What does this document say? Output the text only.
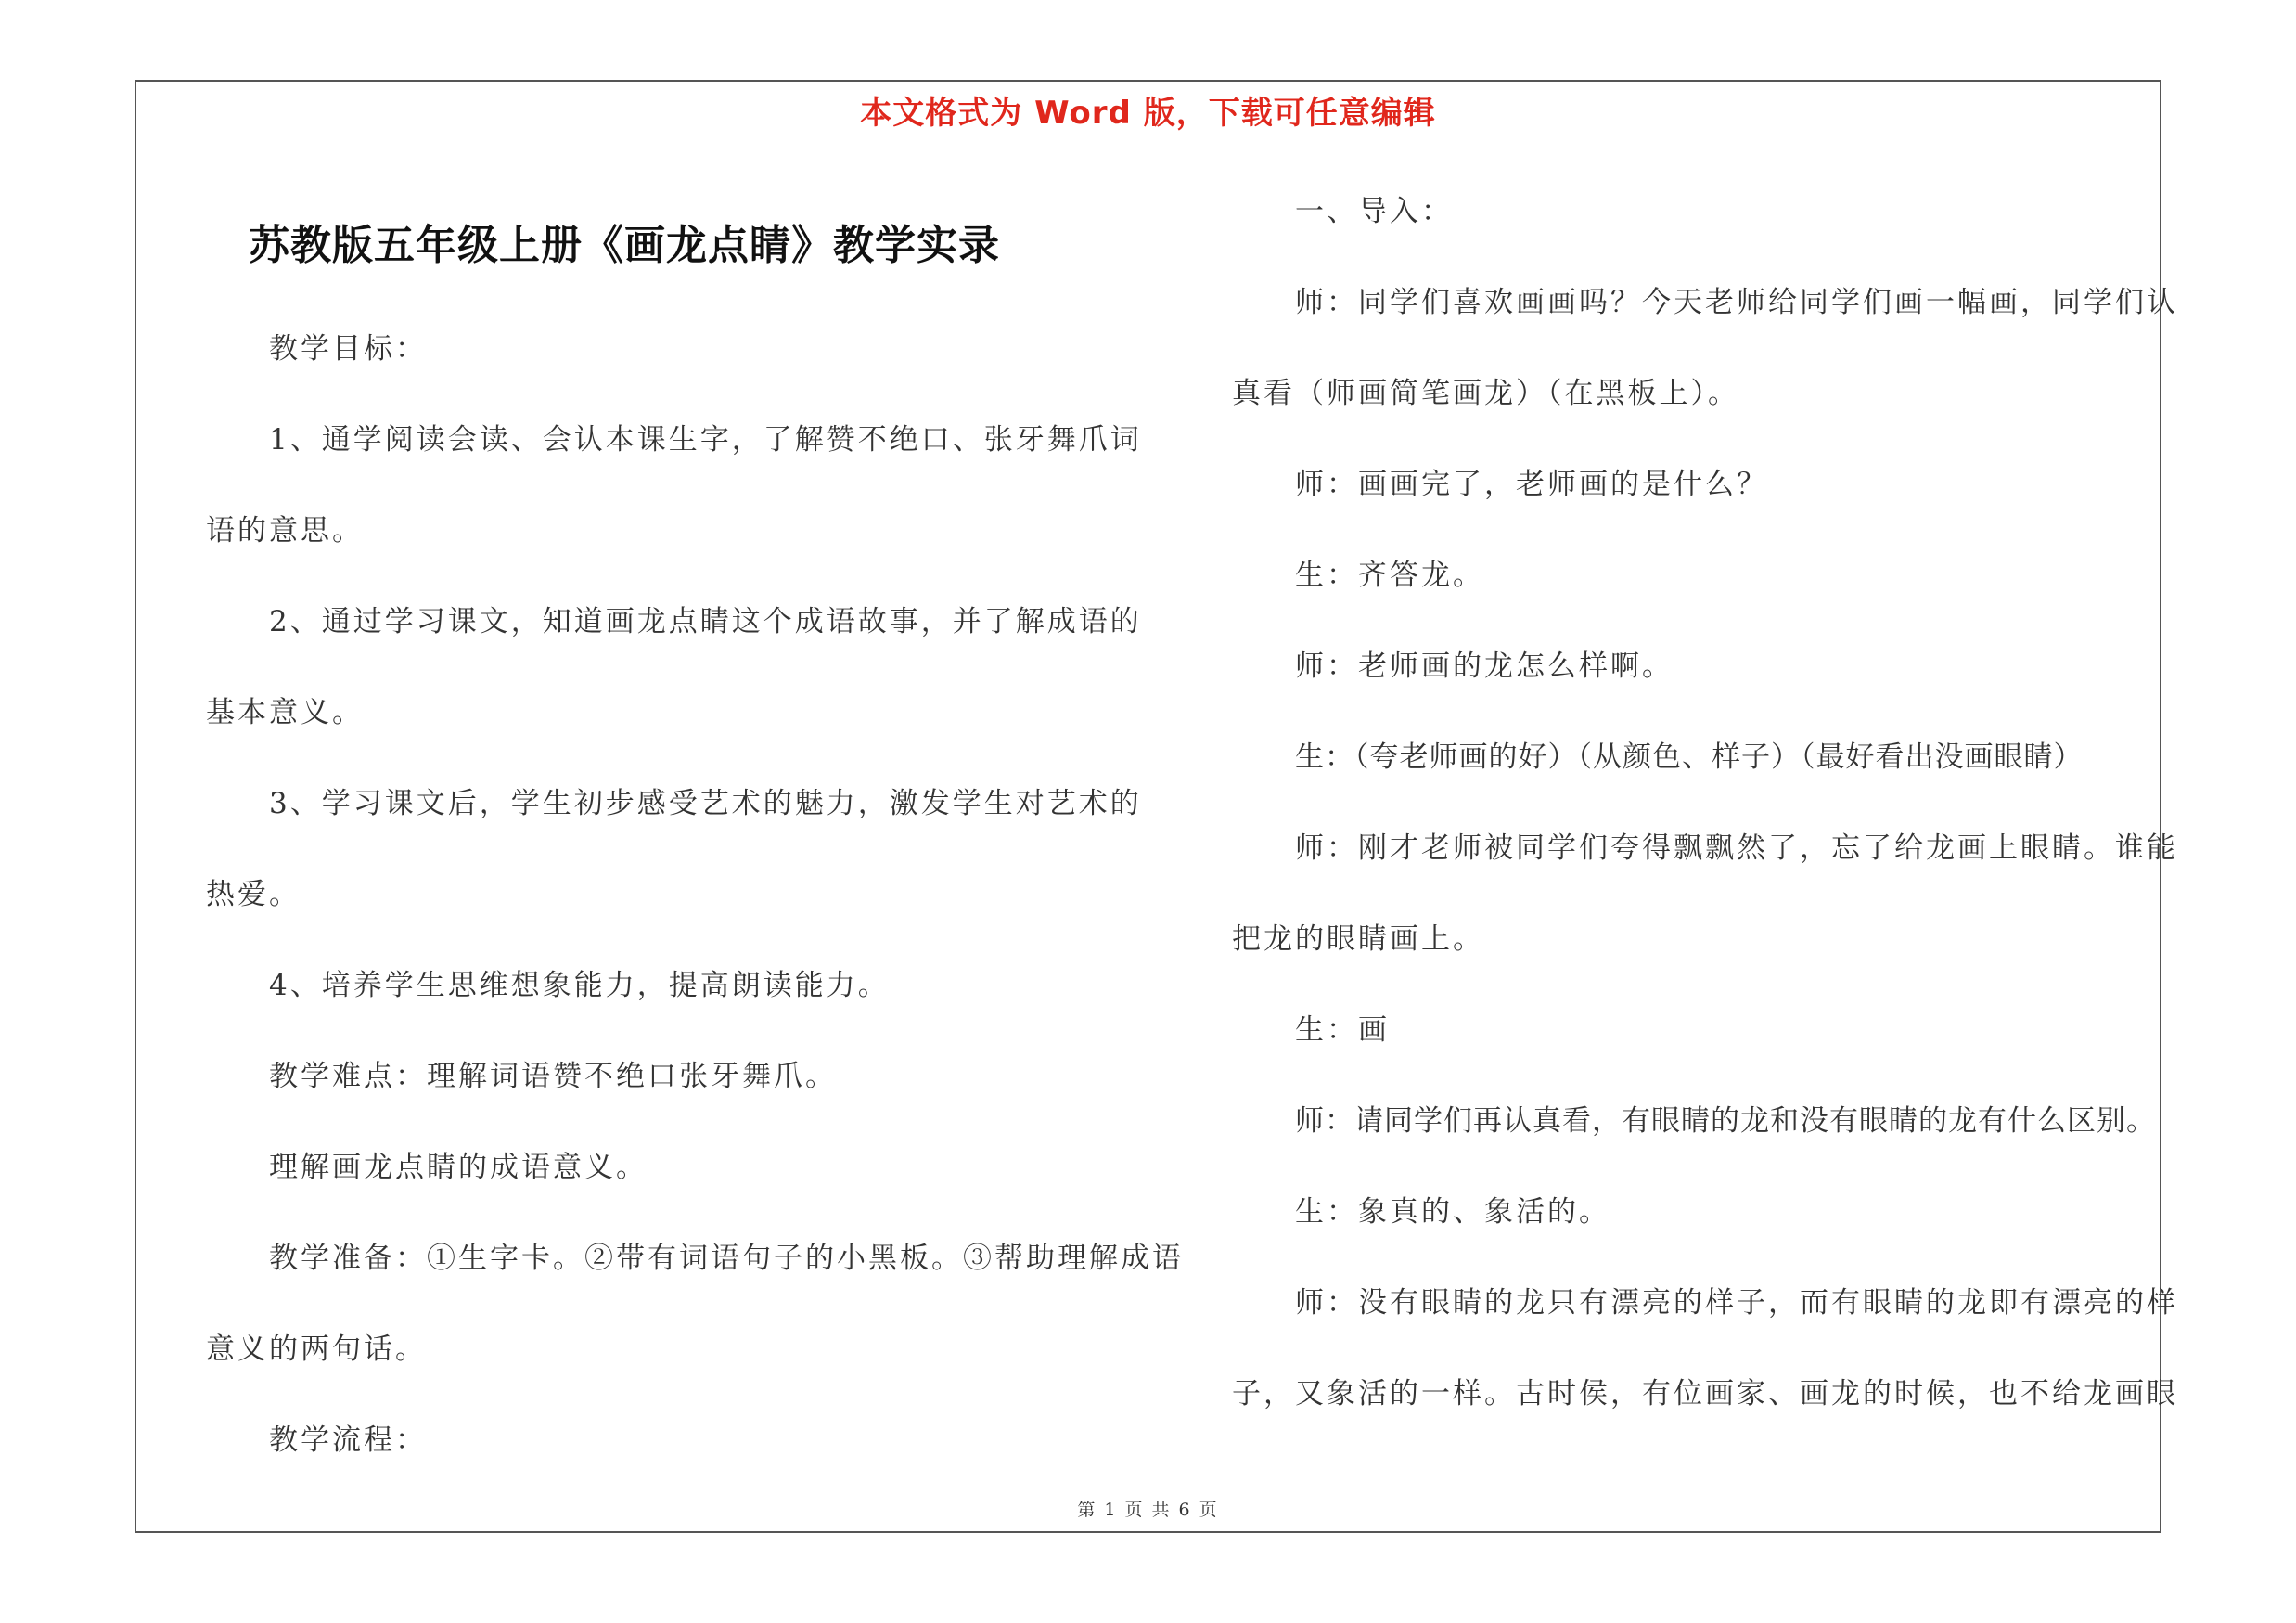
本文格式为 Word 版，下载可任意编辑
苏教版五年级上册《画龙点睛》教学实录
教学目标：
1、通学阅读会读、会认本课生字，了解赞不绝口、张牙舞爪词
语的意思。
2、通过学习课文，知道画龙点睛这个成语故事，并了解成语的
基本意义。
3、学习课文后，学生初步感受艺术的魅力，激发学生对艺术的
热爱。
4、培养学生思维想象能力，提高朗读能力。
教学难点：理解词语赞不绝口张牙舞爪。
理解画龙点睛的成语意义。
教学准备：①生字卡。②带有词语句子的小黑板。③帮助理解成语
意义的两句话。
教学流程：
一、导入：
师：同学们喜欢画画吗？今天老师给同学们画一幅画，同学们认
真看（师画简笔画龙）（在黑板上）。
师：画画完了，老师画的是什么？
生：齐答龙。
师：老师画的龙怎么样啊。
生：（夸老师画的好）（从颜色、样子）（最好看出没画眼睛）
师：刚才老师被同学们夸得飘飘然了，忘了给龙画上眼睛。谁能
把龙的眼睛画上。
生：画
师：请同学们再认真看，有眼睛的龙和没有眼睛的龙有什么区别。
生：象真的、象活的。
师：没有眼睛的龙只有漂亮的样子，而有眼睛的龙即有漂亮的样
子，又象活的一样。古时侯，有位画家、画龙的时候，也不给龙画眼
第 1 页 共 6 页
